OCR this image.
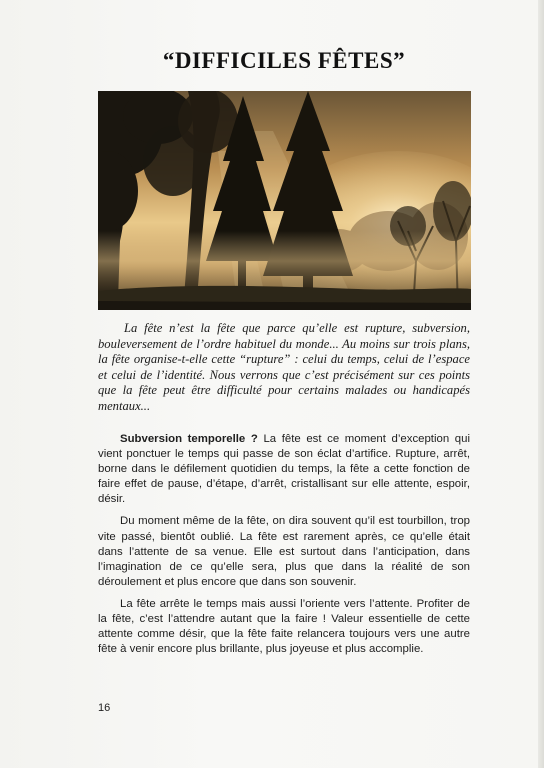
“DIFFICILES FÊTES”

La fête n’est la fête que parce qu’elle est rupture, subversion, bouleversement de l’ordre habituel du monde... Au moins sur trois plans, la fête organise-t-elle cette “rupture” : celui du temps, celui de l’espace et celui de l’identité. Nous verrons que c’est précisément sur ces points que la fête peut être difficulté pour certains malades ou handicapés mentaux...

Subversion temporelle ? La fête est ce moment d’exception qui vient ponctuer le temps qui passe de son éclat d’artifice. Rupture, arrêt, borne dans le défilement quotidien du temps, la fête a cette fonction de faire effet de pause, d’étape, d’arrêt, cristallisant sur elle attente, espoir, désir.

Du moment même de la fête, on dira souvent qu’il est tourbillon, trop vite passé, bientôt oublié. La fête est rarement après, ce qu’elle était dans l’attente de sa venue. Elle est surtout dans l’anticipation, dans l’imagination de ce qu’elle sera, plus que dans la réalité de son déroulement et plus encore que dans son souvenir.

La fête arrête le temps mais aussi l’oriente vers l’attente. Profiter de la fête, c’est l’attendre autant que la faire ! Valeur essentielle de cette attente comme désir, que la fête faite relancera toujours vers une autre fête à venir encore plus brillante, plus joyeuse et plus accomplie.

16
